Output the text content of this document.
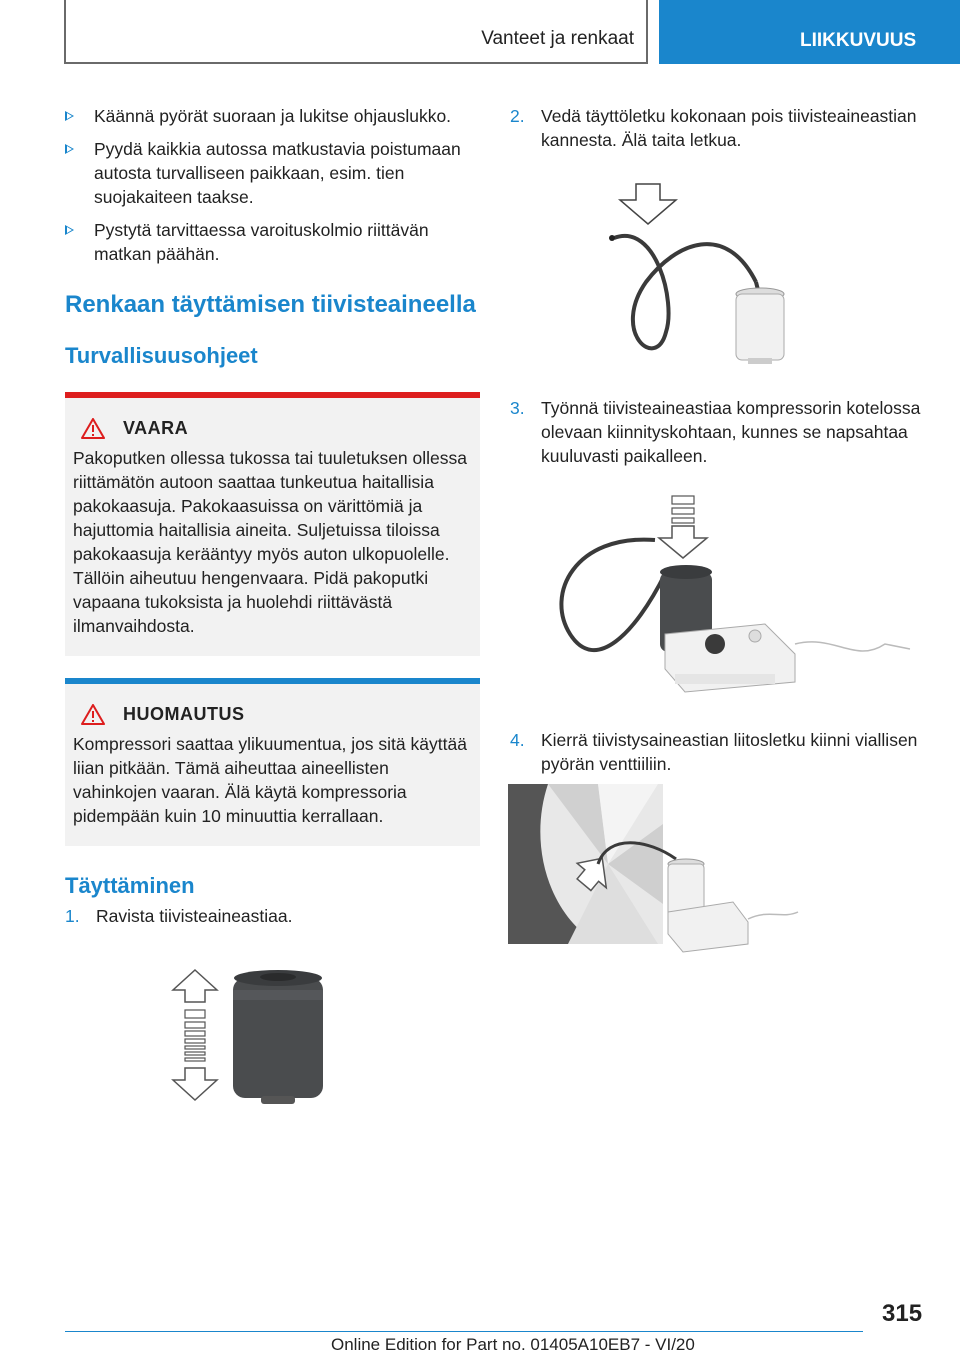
Vanteet ja renkaat	LIIKKUVUUS
Käännä pyörät suoraan ja lukitse ohjauslukko.
Pyydä kaikkia autossa matkustavia poistumaan autosta turvalliseen paikkaan, esim. tien suojakaiteen taakse.
Pystytä tarvittaessa varoituskolmio riittävän matkan päähän.
Renkaan täyttämisen tiivisteaineella
Turvallisuusohjeet
VAARA
Pakoputken ollessa tukossa tai tuuletuksen ollessa riittämätön autoon saattaa tunkeutua haitallisia pakokaasuja. Pakokaasuissa on värittömiä ja hajuttomia haitallisia aineita. Suljetuissa tiloissa pakokaasuja kerääntyy myös auton ulkopuolelle. Tällöin aiheutuu hengenvaara. Pidä pakoputki vapaana tukoksista ja huolehdi riittävästä ilmanvaihdosta.
HUOMAUTUS
Kompressori saattaa ylikuumentua, jos sitä käyttää liian pitkään. Tämä aiheuttaa aineellisten vahinkojen vaaran. Älä käytä kompressoria pidempään kuin 10 minuuttia kerrallaan.
Täyttäminen
1. Ravista tiivisteaineastiaa.
2. Vedä täyttöletku kokonaan pois tiivisteaineastian kannesta. Älä taita letkua.
3. Työnnä tiivisteaineastiaa kompressorin kotelossa olevaan kiinnityskohtaan, kunnes se napsahtaa kuuluvasti paikalleen.
4. Kierrä tiivistysaineastian liitosletku kiinni viallisen pyörän venttiiliin.
315
Online Edition for Part no. 01405A10EB7 - VI/20
